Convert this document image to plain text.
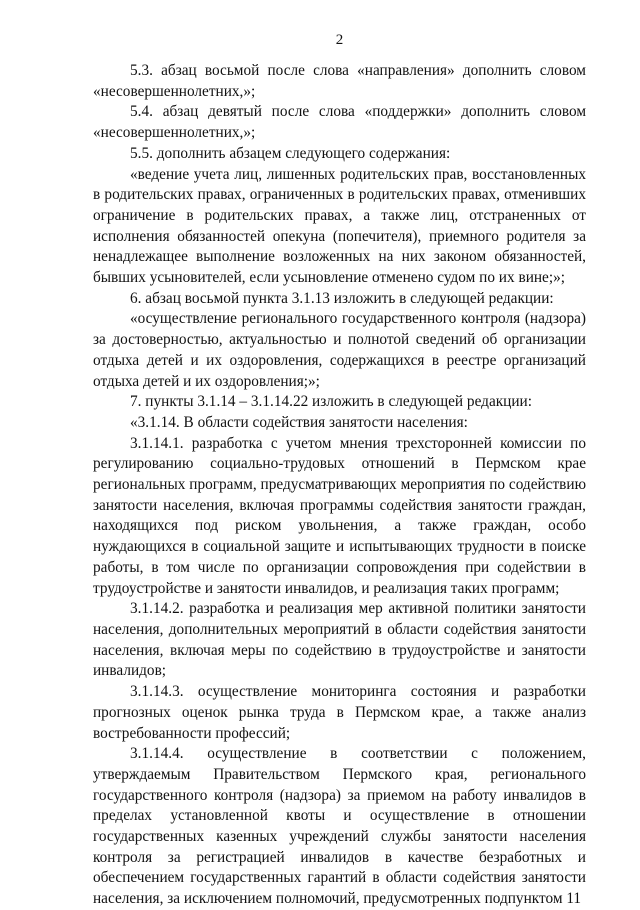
2

5.3. абзац восьмой после слова «направления» дополнить словом «несовершеннолетних,»;

5.4. абзац девятый после слова «поддержки» дополнить словом «несовершеннолетних,»;

5.5. дополнить абзацем следующего содержания:

«ведение учета лиц, лишенных родительских прав, восстановленных в родительских правах, ограниченных в родительских правах, отменивших ограничение в родительских правах, а также лиц, отстраненных от исполнения обязанностей опекуна (попечителя), приемного родителя за ненадлежащее выполнение возложенных на них законом обязанностей, бывших усыновителей, если усыновление отменено судом по их вине;»;

6. абзац восьмой пункта 3.1.13 изложить в следующей редакции:

«осуществление регионального государственного контроля (надзора) за достоверностью, актуальностью и полнотой сведений об организации отдыха детей и их оздоровления, содержащихся в реестре организаций отдыха детей и их оздоровления;»;

7. пункты 3.1.14 – 3.1.14.22 изложить в следующей редакции:

«3.1.14. В области содействия занятости населения:

3.1.14.1. разработка с учетом мнения трехсторонней комиссии по регулированию социально-трудовых отношений в Пермском крае региональных программ, предусматривающих мероприятия по содействию занятости населения, включая программы содействия занятости граждан, находящихся под риском увольнения, а также граждан, особо нуждающихся в социальной защите и испытывающих трудности в поиске работы, в том числе по организации сопровождения при содействии в трудоустройстве и занятости инвалидов, и реализация таких программ;

3.1.14.2. разработка и реализация мер активной политики занятости населения, дополнительных мероприятий в области содействия занятости населения, включая меры по содействию в трудоустройстве и занятости инвалидов;

3.1.14.3. осуществление мониторинга состояния и разработки прогнозных оценок рынка труда в Пермском крае, а также анализ востребованности профессий;

3.1.14.4. осуществление в соответствии с положением, утверждаемым Правительством Пермского края, регионального государственного контроля (надзора) за приемом на работу инвалидов в пределах установленной квоты и осуществление в отношении государственных казенных учреждений службы занятости населения контроля за регистрацией инвалидов в качестве безработных и обеспечением государственных гарантий в области содействия занятости населения, за исключением полномочий, предусмотренных подпунктом 11
